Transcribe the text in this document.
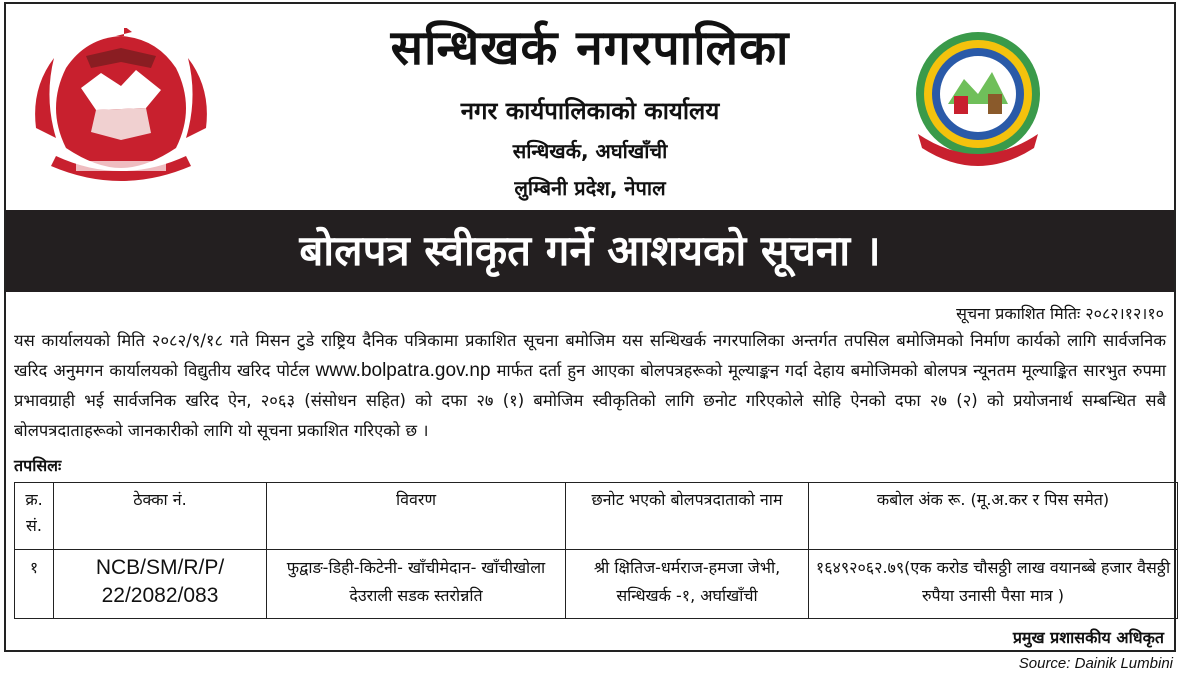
सन्धिखर्क नगरपालिका
नगर कार्यपालिकाको कार्यालय
सन्धिखर्क, अर्घाखाँची
लुम्बिनी प्रदेश, नेपाल
बोलपत्र स्वीकृत गर्ने आशयको सूचना ।
सूचना प्रकाशित मितिः २०८२।१२।१०
यस कार्यालयको मिति २०८२/९/१८ गते मिसन टुडे राष्ट्रिय दैनिक पत्रिकामा प्रकाशित सूचना बमोजिम यस सन्धिखर्क नगरपालिका अन्तर्गत तपसिल बमोजिमको निर्माण कार्यको लागि सार्वजनिक खरिद अनुमगन कार्यालयको विद्युतीय खरिद पोर्टल www.bolpatra.gov.np मार्फत दर्ता हुन आएका बोलपत्रहरूको मूल्याङ्कन गर्दा देहाय बमोजिमको बोलपत्र न्यूनतम मूल्याङ्कित सारभुत रुपमा प्रभावग्राही भई सार्वजनिक खरिद ऐन, २०६३ (संसोधन सहित) को दफा २७ (१) बमोजिम स्वीकृतिको लागि छनोट गरिएकोले सोहि ऐनको दफा २७ (२) को प्रयोजनार्थ सम्बन्धित सबै बोलपत्रदाताहरूको जानकारीको लागि यो सूचना प्रकाशित गरिएको छ ।
तपसिलः
क्र. सं.	ठेक्का नं.	विवरण	छनोट भएको बोलपत्रदाताको नाम	कबोल अंक रू. (मू.अ.कर र पिस समेत)
१	NCB/SM/R/P/ 22/2082/083	फुद्वाङ-डिही-किटेनी- खाँचीमेदान- खाँचीखोला देउराली सडक स्तरोन्नति	श्री क्षितिज-धर्मराज-हमजा जेभी, सन्धिखर्क -१, अर्घाखाँची	१६४९२०६२.७९(एक करोड चौसठ्ठी लाख वयानब्बे हजार वैसठ्ठी रुपैया उनासी पैसा मात्र )
प्रमुख प्रशासकीय अधिकृत
Source: Dainik Lumbini
